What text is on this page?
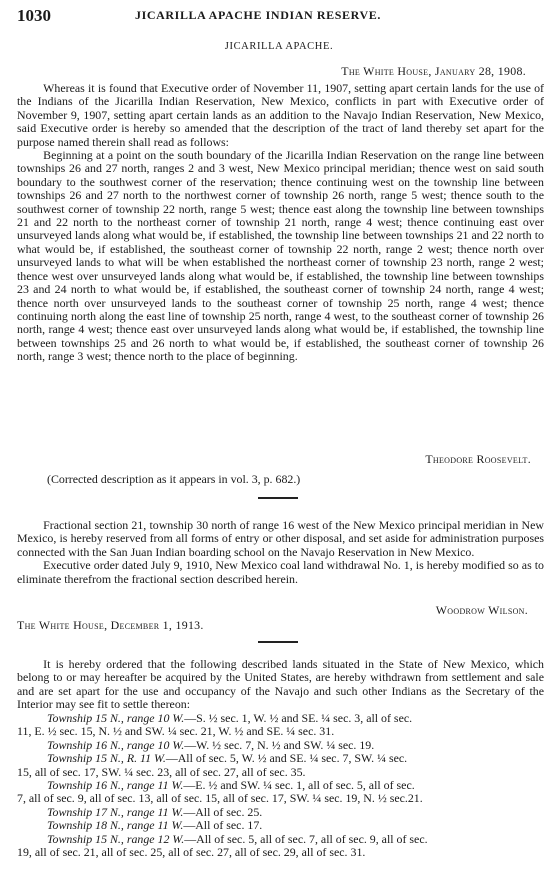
1030	JICARILLA APACHE INDIAN RESERVE.
JICARILLA APACHE.
The White House, January 28, 1908.

Whereas it is found that Executive order of November 11, 1907, setting apart certain lands for the use of the Indians of the Jicarilla Indian Reservation, New Mexico, conflicts in part with Executive order of November 9, 1907, setting apart certain lands as an addition to the Navajo Indian Reservation, New Mexico, said Executive order is hereby so amended that the description of the tract of land thereby set apart for the purpose named therein shall read as follows:

Beginning at a point on the south boundary of the Jicarilla Indian Reservation on the range line between townships 26 and 27 north, ranges 2 and 3 west, New Mexico principal meridian; thence west on said south boundary to the southwest corner of the reservation; thence continuing west on the township line between townships 26 and 27 north to the northwest corner of township 26 north, range 5 west; thence south to the southwest corner of township 22 north, range 5 west; thence east along the township line between townships 21 and 22 north to the northeast corner of township 21 north, range 4 west; thence continuing east over unsurveyed lands along what would be, if established, the township line between townships 21 and 22 north to what would be, if established, the southeast corner of township 22 north, range 2 west; thence north over unsurveyed lands to what will be when established the northeast corner of township 23 north, range 2 west; thence west over unsurveyed lands along what would be, if established, the township line between townships 23 and 24 north to what would be, if established, the southeast corner of township 24 north, range 4 west; thence north over unsurveyed lands to the southeast corner of township 25 north, range 4 west; thence continuing north along the east line of township 25 north, range 4 west, to the southeast corner of township 26 north, range 4 west; thence east over unsurveyed lands along what would be, if established, the township line between townships 25 and 26 north to what would be, if established, the southeast corner of township 26 north, range 3 west; thence north to the place of beginning.

Theodore Roosevelt.
(Corrected description as it appears in vol. 3, p. 682.)

Fractional section 21, township 30 north of range 16 west of the New Mexico principal meridian in New Mexico, is hereby reserved from all forms of entry or other disposal, and set aside for administration purposes connected with the San Juan Indian boarding school on the Navajo Reservation in New Mexico.

Executive order dated July 9, 1910, New Mexico coal land withdrawal No. 1, is hereby modified so as to eliminate therefrom the fractional section described herein.

Woodrow Wilson.
The White House, December 1, 1913.

It is hereby ordered that the following described lands situated in the State of New Mexico, which belong to or may hereafter be acquired by the United States, are hereby withdrawn from settlement and sale and are set apart for the use and occupancy of the Navajo and such other Indians as the Secretary of the Interior may see fit to settle thereon:

Township 15 N., range 10 W.—S. ½ sec. 1, W. ½ and SE. ¼ sec. 3, all of sec.
11, E. ½ sec. 15, N. ½ and SW. ¼ sec. 21, W. ½ and SE. ¼ sec. 31.
Township 16 N., range 10 W.—W. ½ sec. 7, N. ½ and SW. ¼ sec. 19.
Township 15 N., R. 11 W.—All of sec. 5, W. ½ and SE. ¼ sec. 7, SW. ¼ sec.
15, all of sec. 17, SW. ¼ sec. 23, all of sec. 27, all of sec. 35.
Township 16 N., range 11 W.—E. ½ and SW. ¼ sec. 1, all of sec. 5, all of sec.
7, all of sec. 9, all of sec. 13, all of sec. 15, all of sec. 17, SW. ¼ sec. 19, N. ½ sec.21.
Township 17 N., range 11 W.—All of sec. 25.
Township 18 N., range 11 W.—All of sec. 17.
Township 15 N., range 12 W.—All of sec. 5, all of sec. 7, all of sec. 9, all of sec.
19, all of sec. 21, all of sec. 25, all of sec. 27, all of sec. 29, all of sec. 31.
